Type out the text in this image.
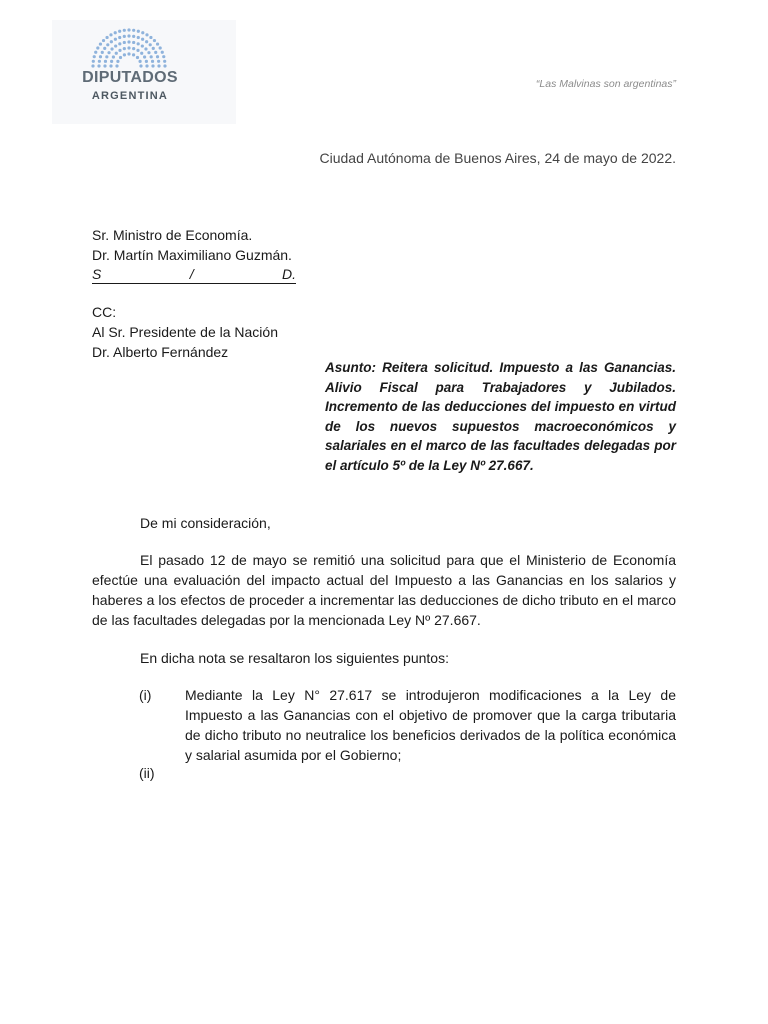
DIPUTADOS
ARGENTINA
“Las Malvinas son argentinas”
Ciudad Autónoma de Buenos Aires, 24 de mayo de 2022.
Sr. Ministro de Economía.
Dr. Martín Maximiliano Guzmán.
S	/	D.
CC:
Al Sr. Presidente de la Nación
Dr. Alberto Fernández
Asunto: Reitera solicitud. Impuesto a las Ganancias. Alivio Fiscal para Trabajadores y Jubilados. Incremento de las deducciones del impuesto en virtud de los nuevos supuestos macroeconómicos y salariales en el marco de las facultades delegadas por el artículo 5º de la Ley Nº 27.667.
De mi consideración,
El pasado 12 de mayo se remitió una solicitud para que el Ministerio de Economía efectúe una evaluación del impacto actual del Impuesto a las Ganancias en los salarios y haberes a los efectos de proceder a incrementar las deducciones de dicho tributo en el marco de las facultades delegadas por la mencionada Ley Nº 27.667.
En dicha nota se resaltaron los siguientes puntos:
(i) Mediante la Ley N° 27.617 se introdujeron modificaciones a la Ley de Impuesto a las Ganancias con el objetivo de promover que la carga tributaria de dicho tributo no neutralice los beneficios derivados de la política económica y salarial asumida por el Gobierno;
(ii)
